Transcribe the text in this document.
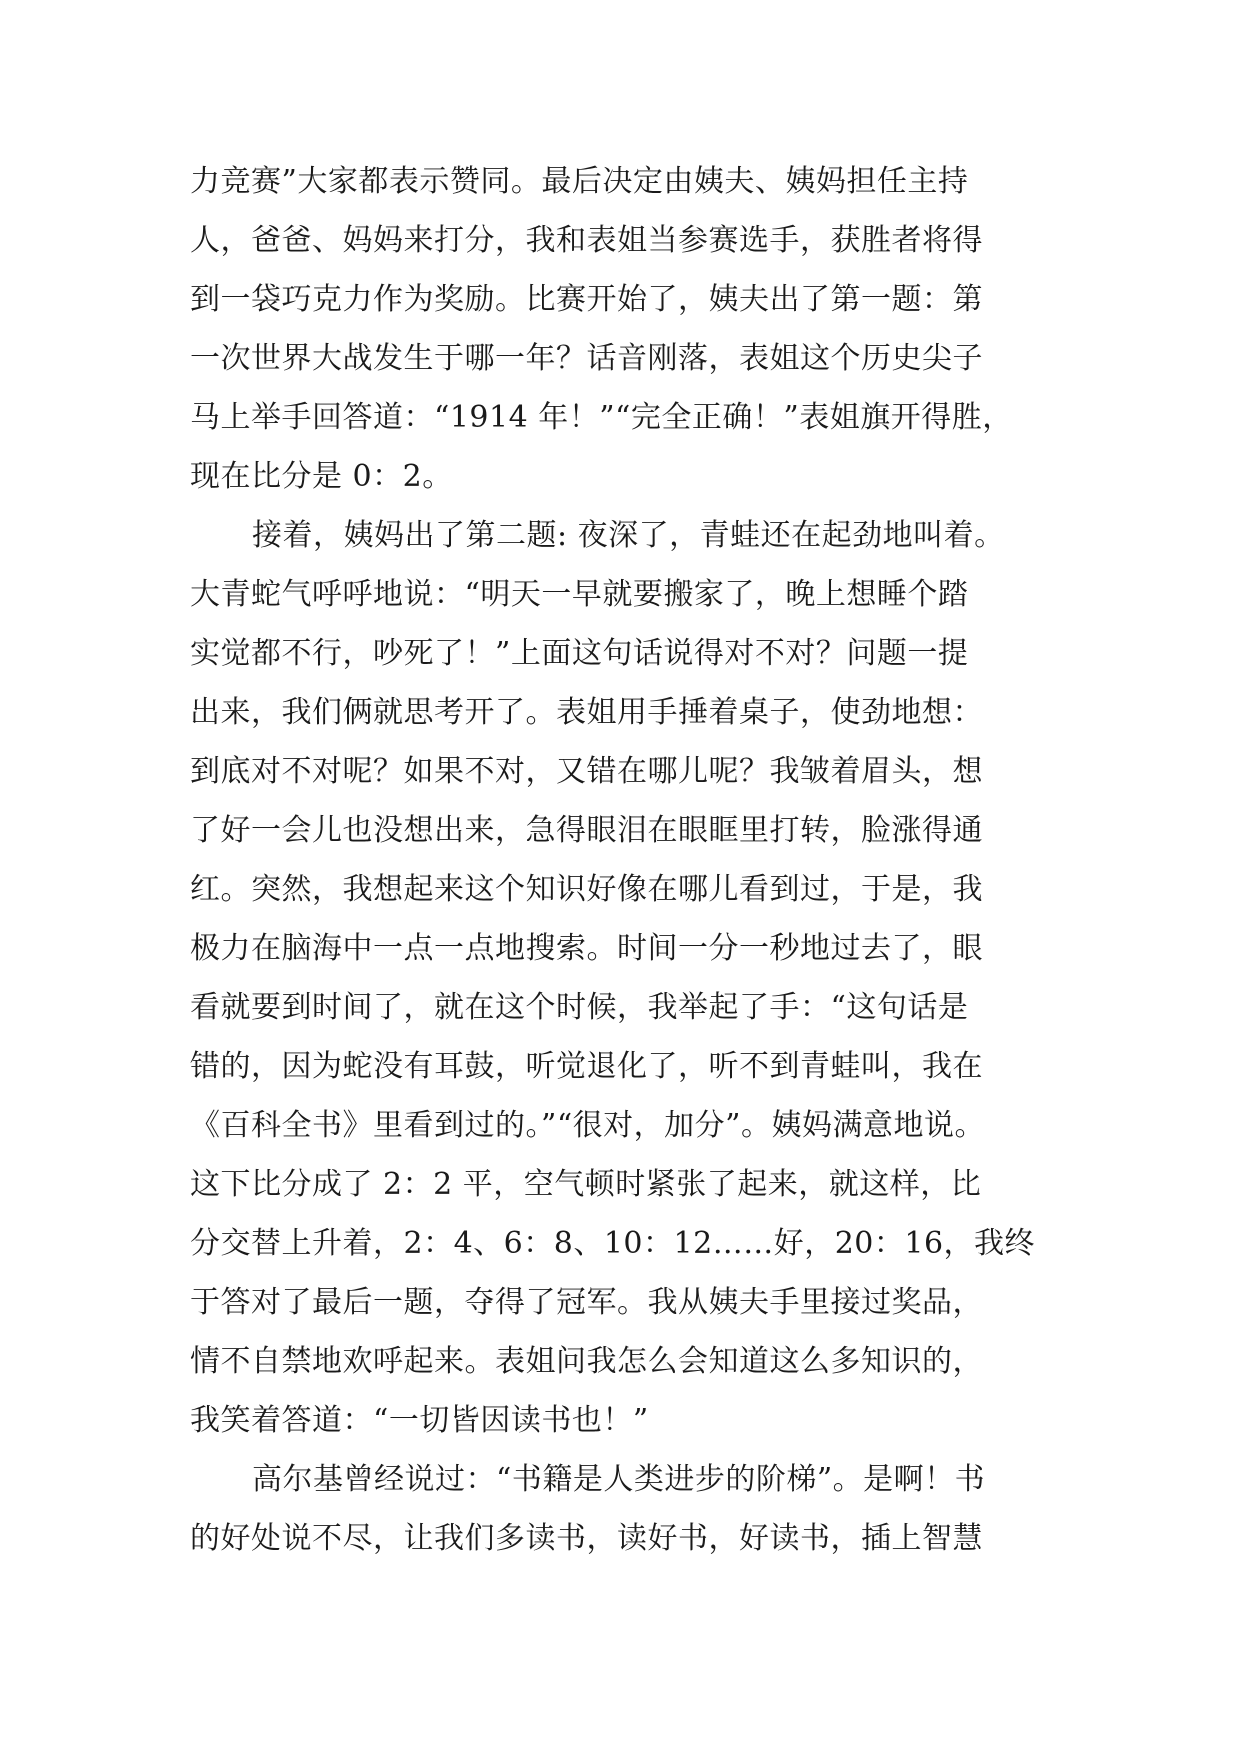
力竞赛”大家都表示赞同。最后决定由姨夫、姨妈担任主持
人，爸爸、妈妈来打分，我和表姐当参赛选手，获胜者将得
到一袋巧克力作为奖励。比赛开始了，姨夫出了第一题：第
一次世界大战发生于哪一年？话音刚落，表姐这个历史尖子
马上举手回答道：“1914 年！”“完全正确！”表姐旗开得胜，
现在比分是 0：2。
接着，姨妈出了第二题: 夜深了，青蛙还在起劲地叫着。
大青蛇气呼呼地说：“明天一早就要搬家了，晚上想睡个踏
实觉都不行，吵死了！”上面这句话说得对不对？问题一提
出来，我们俩就思考开了。表姐用手捶着桌子，使劲地想：
到底对不对呢？如果不对，又错在哪儿呢？我皱着眉头，想
了好一会儿也没想出来，急得眼泪在眼眶里打转，脸涨得通
红。突然，我想起来这个知识好像在哪儿看到过，于是，我
极力在脑海中一点一点地搜索。时间一分一秒地过去了，眼
看就要到时间了，就在这个时候，我举起了手：“这句话是
错的，因为蛇没有耳鼓，听觉退化了，听不到青蛙叫，我在
《百科全书》里看到过的。”“很对，加分”。姨妈满意地说。
这下比分成了 2：2 平，空气顿时紧张了起来，就这样，比
分交替上升着，2：4、6：8、10：12……好，20：16，我终
于答对了最后一题，夺得了冠军。我从姨夫手里接过奖品，
情不自禁地欢呼起来。表姐问我怎么会知道这么多知识的，
我笑着答道：“一切皆因读书也！”
高尔基曾经说过：“书籍是人类进步的阶梯”。是啊！书
的好处说不尽，让我们多读书，读好书，好读书，插上智慧
